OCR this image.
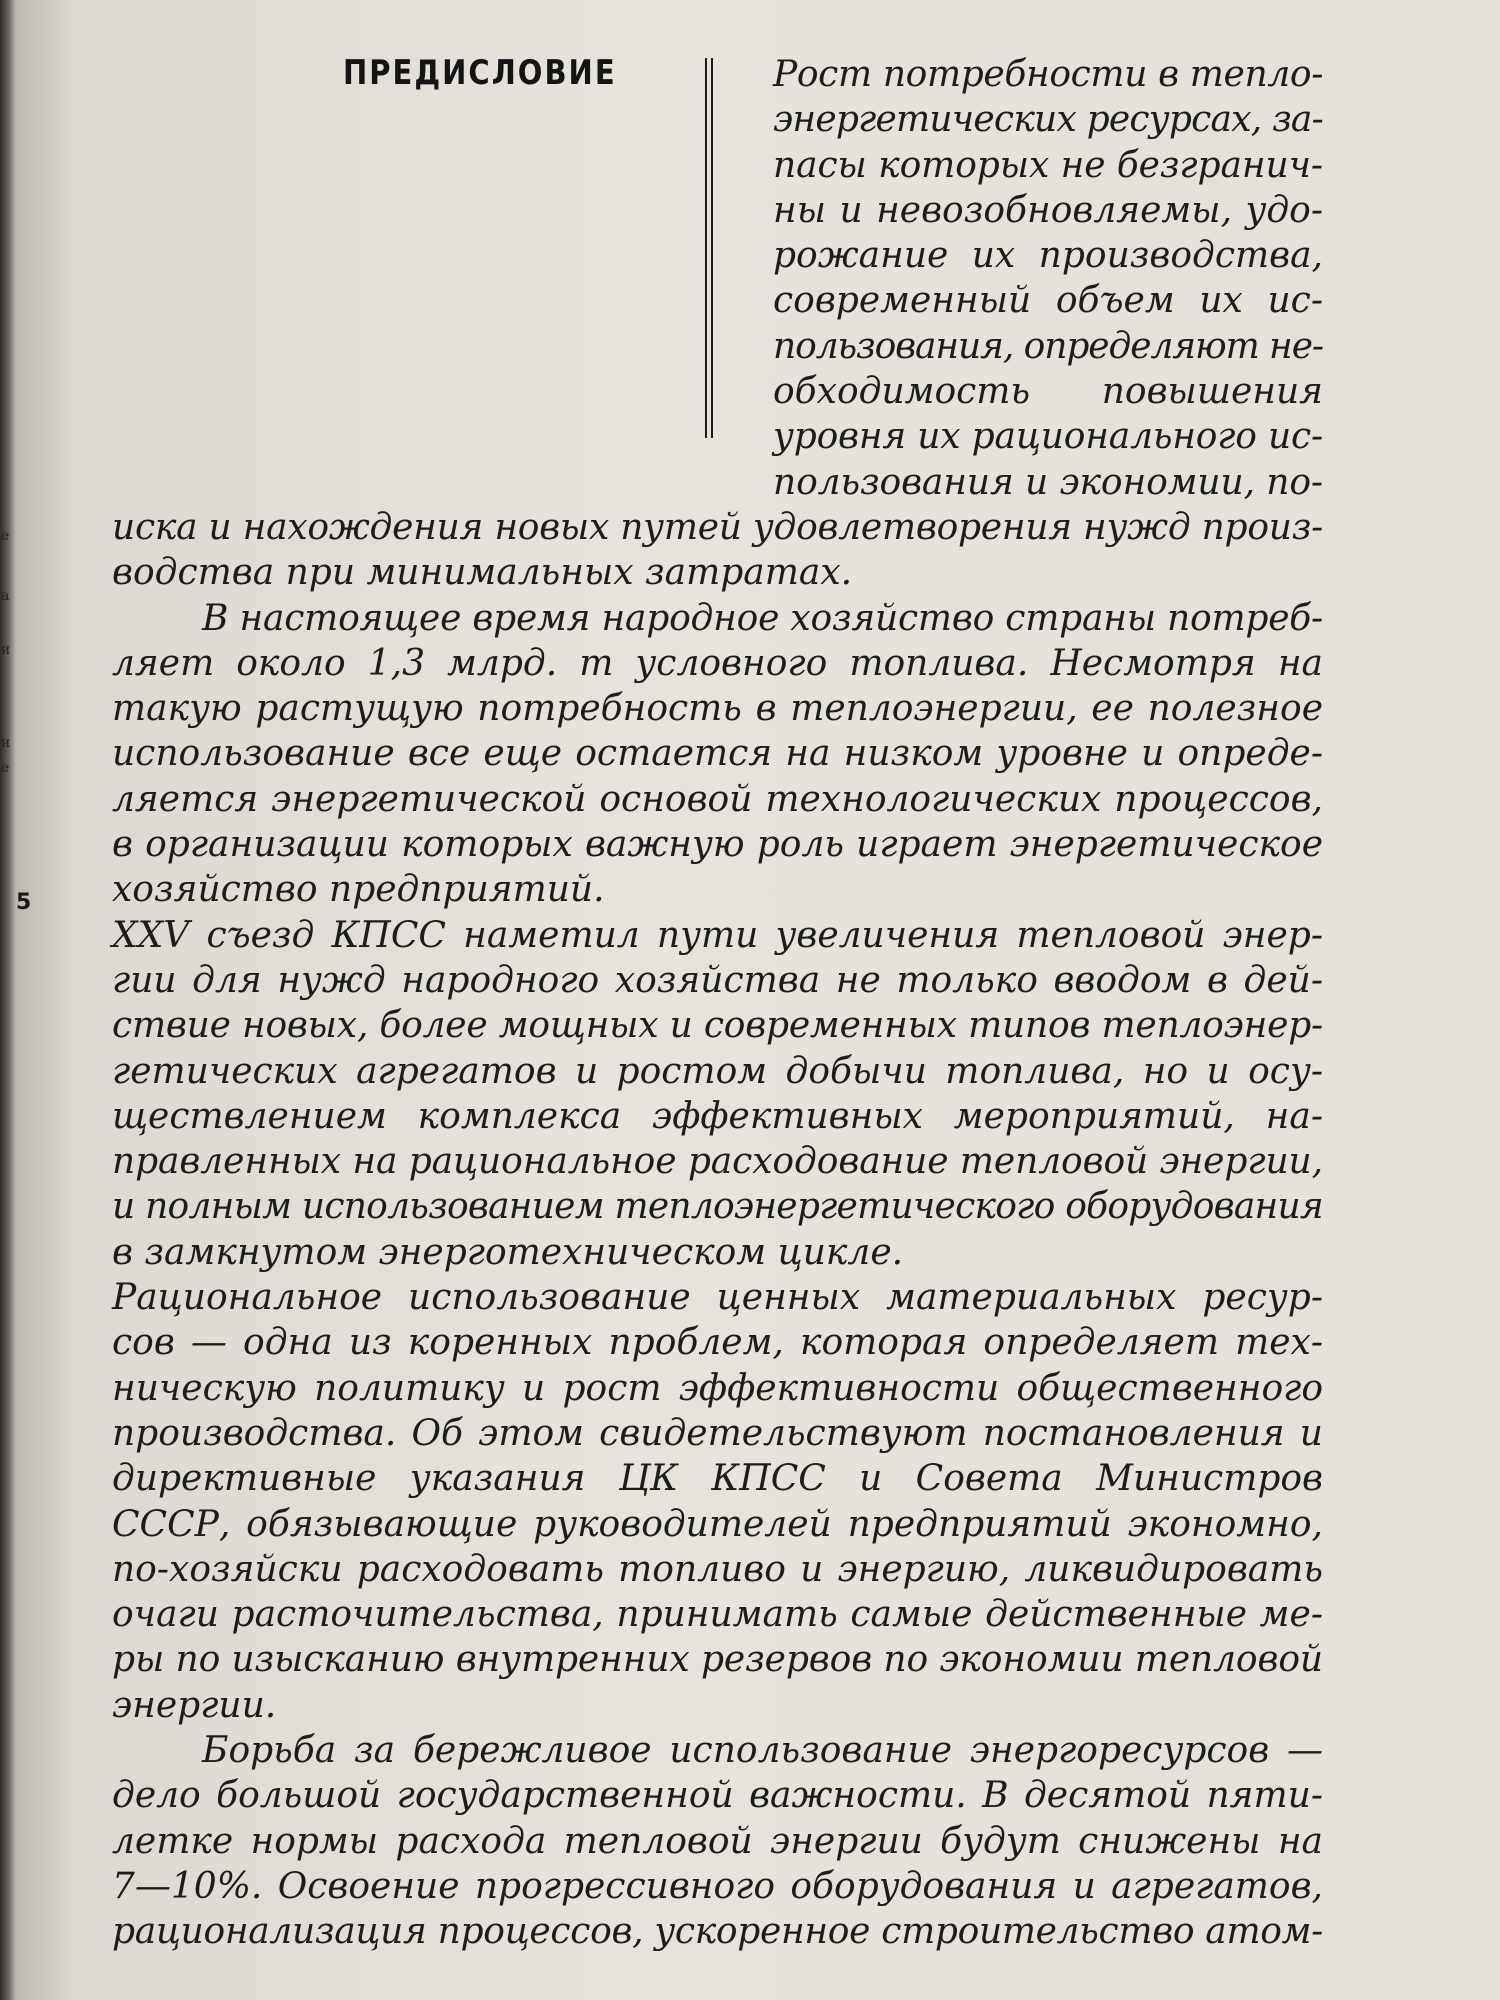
е
а
и
и
е
5
ПРЕДИСЛОВИЕ	Рост потребности в тепло-
энергетических ресурсах, за-
пасы которых не безгранич-
ны и невозобновляемы, удо-
рожание их производства,
современный объем их ис-
пользования, определяют не-
обходимость повышения
уровня их рационального ис-
пользования и экономии, по-
иска и нахождения новых путей удовлетворения нужд произ-
водства при минимальных затратах.
В настоящее время народное хозяйство страны потреб-
ляет около 1,3 млрд. т условного топлива. Несмотря на
такую растущую потребность в теплоэнергии, ее полезное
использование все еще остается на низком уровне и опреде-
ляется энергетической основой технологических процессов,
в организации которых важную роль играет энергетическое
хозяйство предприятий.
XXV съезд КПСС наметил пути увеличения тепловой энер-
гии для нужд народного хозяйства не только вводом в дей-
ствие новых, более мощных и современных типов теплоэнер-
гетических агрегатов и ростом добычи топлива, но и осу-
ществлением комплекса эффективных мероприятий, на-
правленных на рациональное расходование тепловой энергии,
и полным использованием теплоэнергетического оборудования
в замкнутом энерготехническом цикле.
Рациональное использование ценных материальных ресур-
сов — одна из коренных проблем, которая определяет тех-
ническую политику и рост эффективности общественного
производства. Об этом свидетельствуют постановления и
директивные указания ЦК КПСС и Совета Министров
СССР, обязывающие руководителей предприятий экономно,
по-хозяйски расходовать топливо и энергию, ликвидировать
очаги расточительства, принимать самые действенные ме-
ры по изысканию внутренних резервов по экономии тепловой
энергии.
Борьба за бережливое использование энергоресурсов —
дело большой государственной важности. В десятой пяти-
летке нормы расхода тепловой энергии будут снижены на
7—10%. Освоение прогрессивного оборудования и агрегатов,
рационализация процессов, ускоренное строительство атом-
